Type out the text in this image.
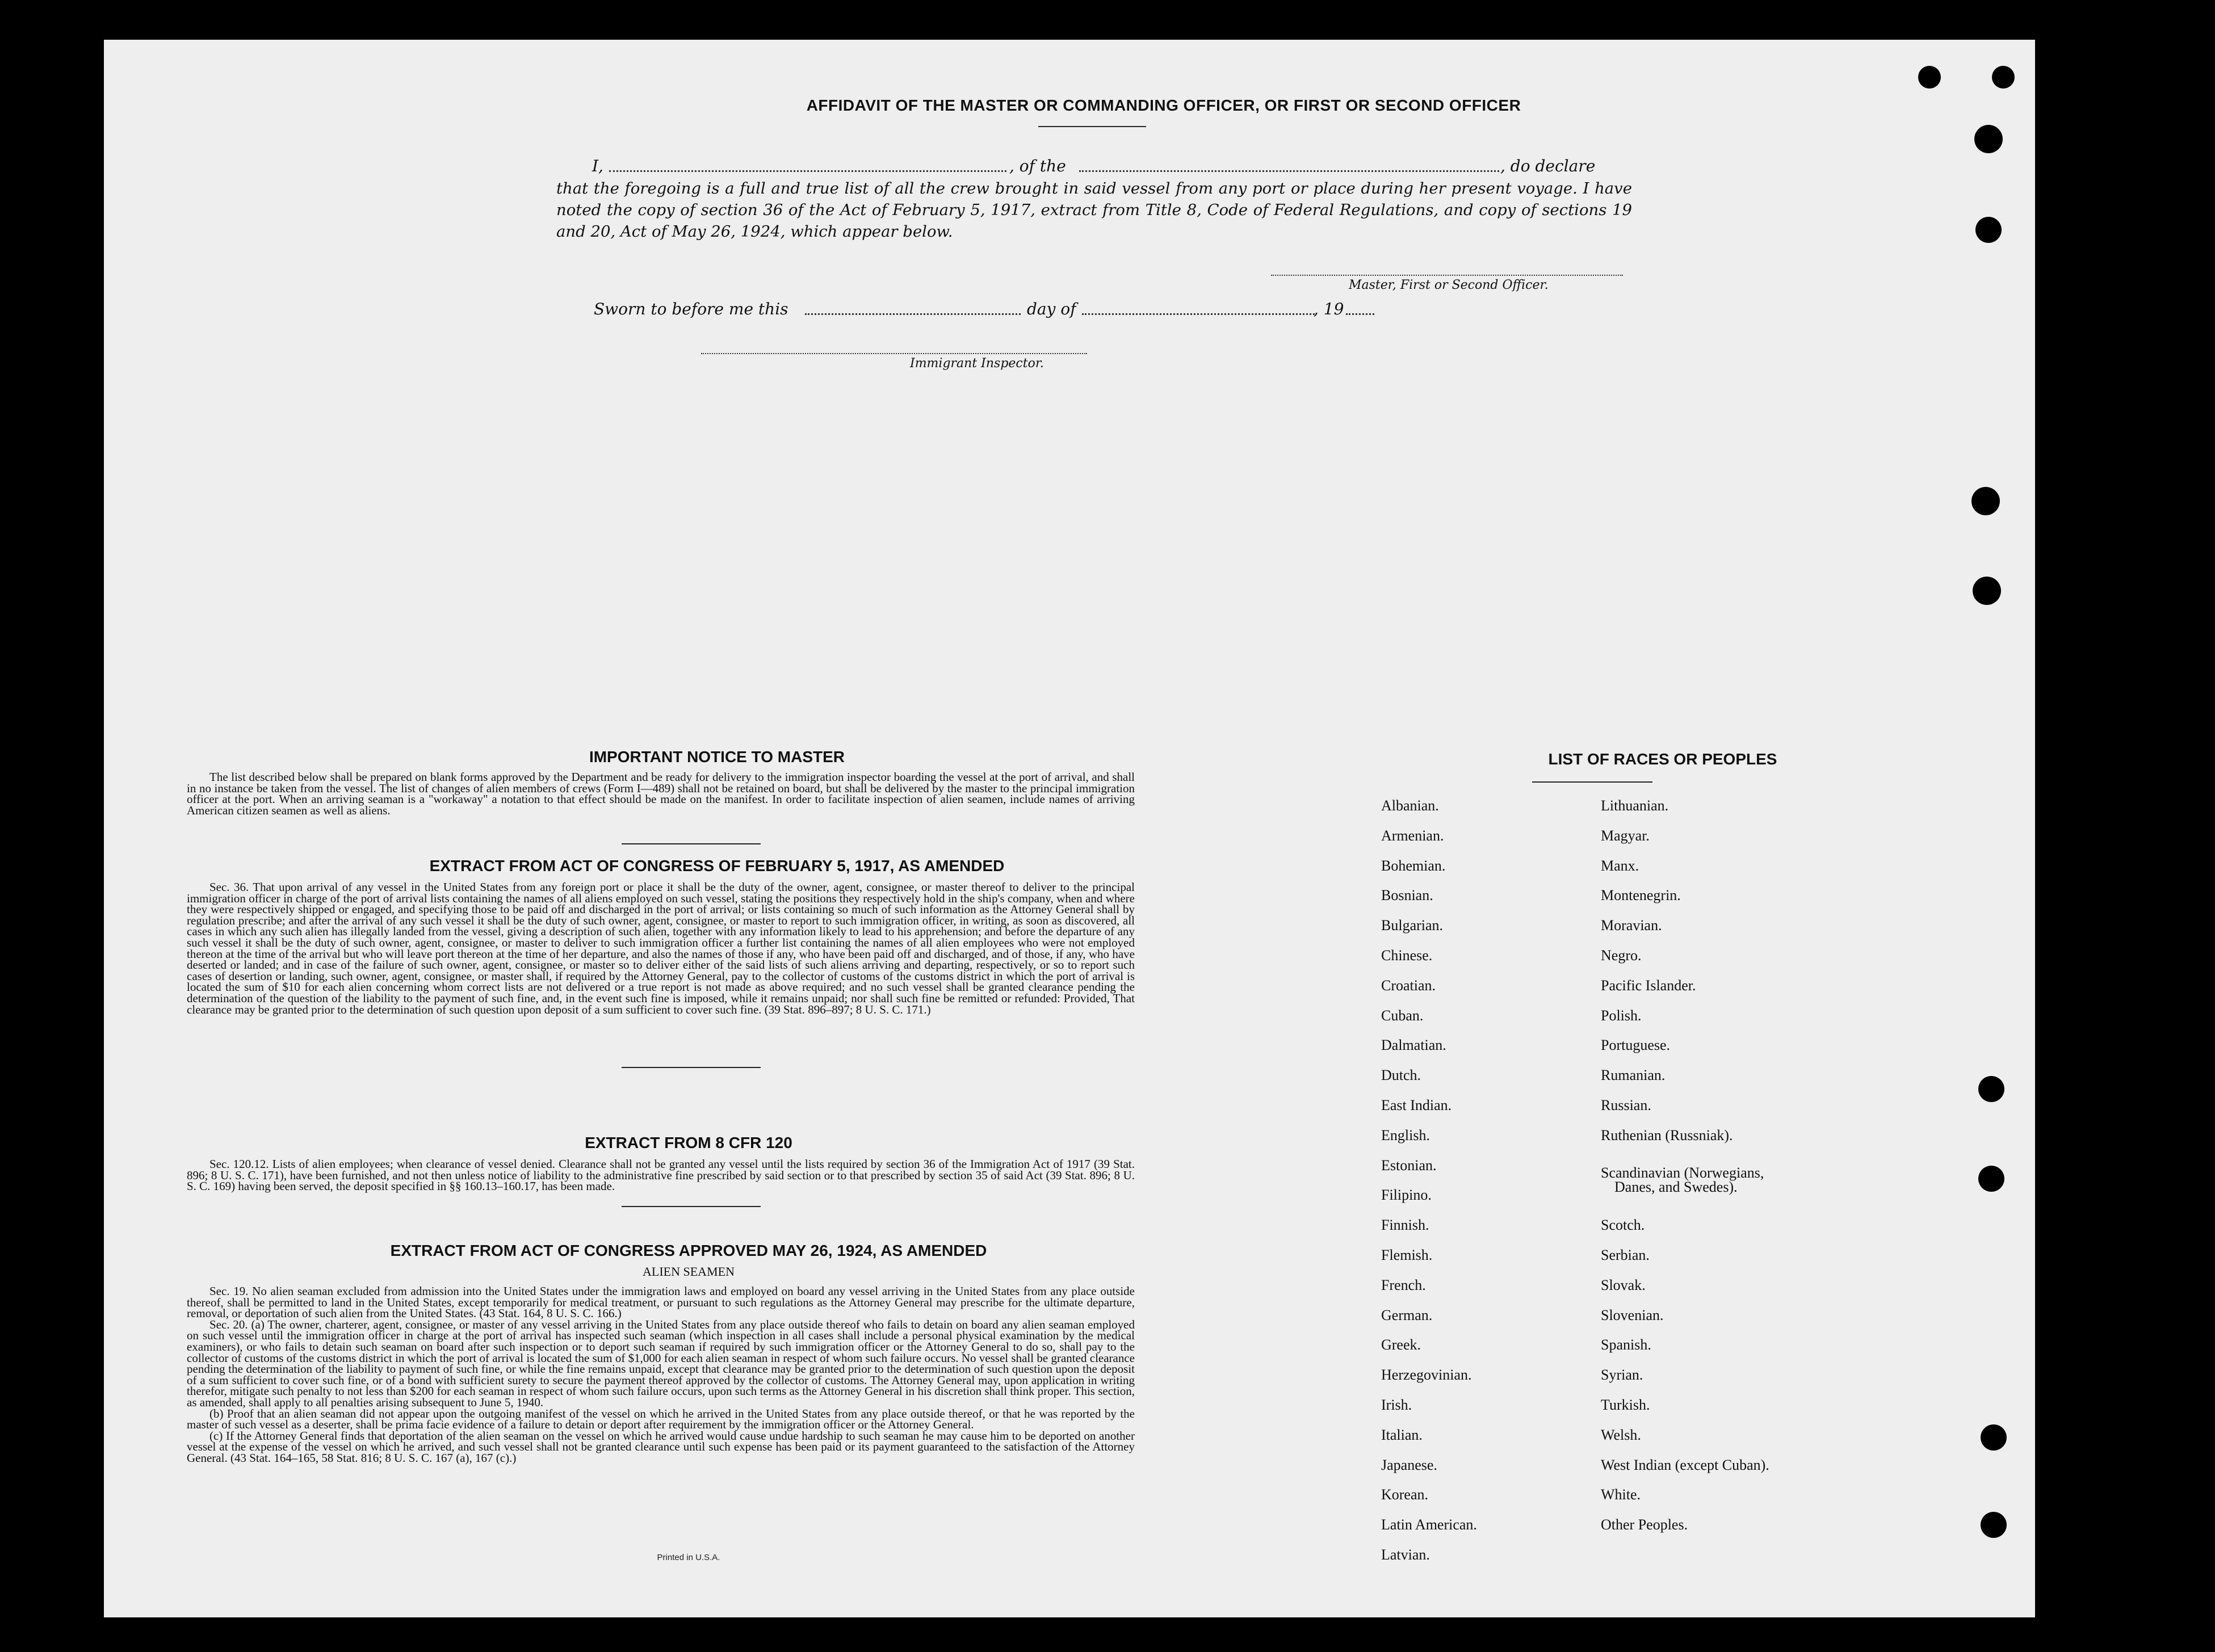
AFFIDAVIT OF THE MASTER OR COMMANDING OFFICER, OR FIRST OR SECOND OFFICER
I,	, of the	, do declare
that the foregoing is a full and true list of all the crew brought in said vessel from any port or place during her present voyage. I have noted the copy of section 36 of the Act of February 5, 1917, extract from Title 8, Code of Federal Regulations, and copy of sections 19 and 20, Act of May 26, 1924, which appear below.
Master, First or Second Officer.
Sworn to before me this	day of	, 19
Immigrant Inspector.
IMPORTANT NOTICE TO MASTER

The list described below shall be prepared on blank forms approved by the Department and be ready for delivery to the immigration inspector boarding the vessel at the port of arrival, and shall in no instance be taken from the vessel. The list of changes of alien members of crews (Form I—489) shall not be retained on board, but shall be delivered by the master to the principal immigration officer at the port. When an arriving seaman is a "workaway" a notation to that effect should be made on the manifest. In order to facilitate inspection of alien seamen, include names of arriving American citizen seamen as well as aliens.

EXTRACT FROM ACT OF CONGRESS OF FEBRUARY 5, 1917, AS AMENDED

Sec. 36. That upon arrival of any vessel in the United States from any foreign port or place it shall be the duty of the owner, agent, consignee, or master thereof to deliver to the principal immigration officer in charge of the port of arrival lists containing the names of all aliens employed on such vessel, stating the positions they respectively hold in the ship's company, when and where they were respectively shipped or engaged, and specifying those to be paid off and discharged in the port of arrival; or lists containing so much of such information as the Attorney General shall by regulation prescribe; and after the arrival of any such vessel it shall be the duty of such owner, agent, consignee, or master to report to such immigration officer, in writing, as soon as discovered, all cases in which any such alien has illegally landed from the vessel, giving a description of such alien, together with any information likely to lead to his apprehension; and before the departure of any such vessel it shall be the duty of such owner, agent, consignee, or master to deliver to such immigration officer a further list containing the names of all alien employees who were not employed thereon at the time of the arrival but who will leave port thereon at the time of her departure, and also the names of those if any, who have been paid off and discharged, and of those, if any, who have deserted or landed; and in case of the failure of such owner, agent, consignee, or master so to deliver either of the said lists of such aliens arriving and departing, respectively, or so to report such cases of desertion or landing, such owner, agent, consignee, or master shall, if required by the Attorney General, pay to the collector of customs of the customs district in which the port of arrival is located the sum of $10 for each alien concerning whom correct lists are not delivered or a true report is not made as above required; and no such vessel shall be granted clearance pending the determination of the question of the liability to the payment of such fine, and, in the event such fine is imposed, while it remains unpaid; nor shall such fine be remitted or refunded: Provided, That clearance may be granted prior to the determination of such question upon deposit of a sum sufficient to cover such fine. (39 Stat. 896–897; 8 U. S. C. 171.)

EXTRACT FROM 8 CFR 120

Sec. 120.12. Lists of alien employees; when clearance of vessel denied. Clearance shall not be granted any vessel until the lists required by section 36 of the Immigration Act of 1917 (39 Stat. 896; 8 U. S. C. 171), have been furnished, and not then unless notice of liability to the administrative fine prescribed by said section or to that prescribed by section 35 of said Act (39 Stat. 896; 8 U. S. C. 169) having been served, the deposit specified in §§ 160.13–160.17, has been made.

EXTRACT FROM ACT OF CONGRESS APPROVED MAY 26, 1924, AS AMENDED
ALIEN SEAMEN

Sec. 19. No alien seaman excluded from admission into the United States under the immigration laws and employed on board any vessel arriving in the United States from any place outside thereof, shall be permitted to land in the United States, except temporarily for medical treatment, or pursuant to such regulations as the Attorney General may prescribe for the ultimate departure, removal, or deportation of such alien from the United States. (43 Stat. 164, 8 U. S. C. 166.)

Sec. 20. (a) The owner, charterer, agent, consignee, or master of any vessel arriving in the United States from any place outside thereof who fails to detain on board any alien seaman employed on such vessel until the immigration officer in charge at the port of arrival has inspected such seaman (which inspection in all cases shall include a personal physical examination by the medical examiners), or who fails to detain such seaman on board after such inspection or to deport such seaman if required by such immigration officer or the Attorney General to do so, shall pay to the collector of customs of the customs district in which the port of arrival is located the sum of $1,000 for each alien seaman in respect of whom such failure occurs. No vessel shall be granted clearance pending the determination of the liability to payment of such fine, or while the fine remains unpaid, except that clearance may be granted prior to the determination of such question upon the deposit of a sum sufficient to cover such fine, or of a bond with sufficient surety to secure the payment thereof approved by the collector of customs. The Attorney General may, upon application in writing therefor, mitigate such penalty to not less than $200 for each seaman in respect of whom such failure occurs, upon such terms as the Attorney General in his discretion shall think proper. This section, as amended, shall apply to all penalties arising subsequent to June 5, 1940.

(b) Proof that an alien seaman did not appear upon the outgoing manifest of the vessel on which he arrived in the United States from any place outside thereof, or that he was reported by the master of such vessel as a deserter, shall be prima facie evidence of a failure to detain or deport after requirement by the immigration officer or the Attorney General.

(c) If the Attorney General finds that deportation of the alien seaman on the vessel on which he arrived would cause undue hardship to such seaman he may cause him to be deported on another vessel at the expense of the vessel on which he arrived, and such vessel shall not be granted clearance until such expense has been paid or its payment guaranteed to the satisfaction of the Attorney General. (43 Stat. 164–165, 58 Stat. 816; 8 U. S. C. 167 (a), 167 (c).)

Printed in U.S.A.
LIST OF RACES OR PEOPLES
Albanian.
Armenian.
Bohemian.
Bosnian.
Bulgarian.
Chinese.
Croatian.
Cuban.
Dalmatian.
Dutch.
East Indian.
English.
Estonian.
Filipino.
Finnish.
Flemish.
French.
German.
Greek.
Herzegovinian.
Irish.
Italian.
Japanese.
Korean.
Latin American.
Latvian.
Lithuanian.
Magyar.
Manx.
Montenegrin.
Moravian.
Negro.
Pacific Islander.
Polish.
Portuguese.
Rumanian.
Russian.
Ruthenian (Russniak).
Scandinavian (Norwegians,
Danes, and Swedes).
Scotch.
Serbian.
Slovak.
Slovenian.
Spanish.
Syrian.
Turkish.
Welsh.
West Indian (except Cuban).
White.
Other Peoples.
